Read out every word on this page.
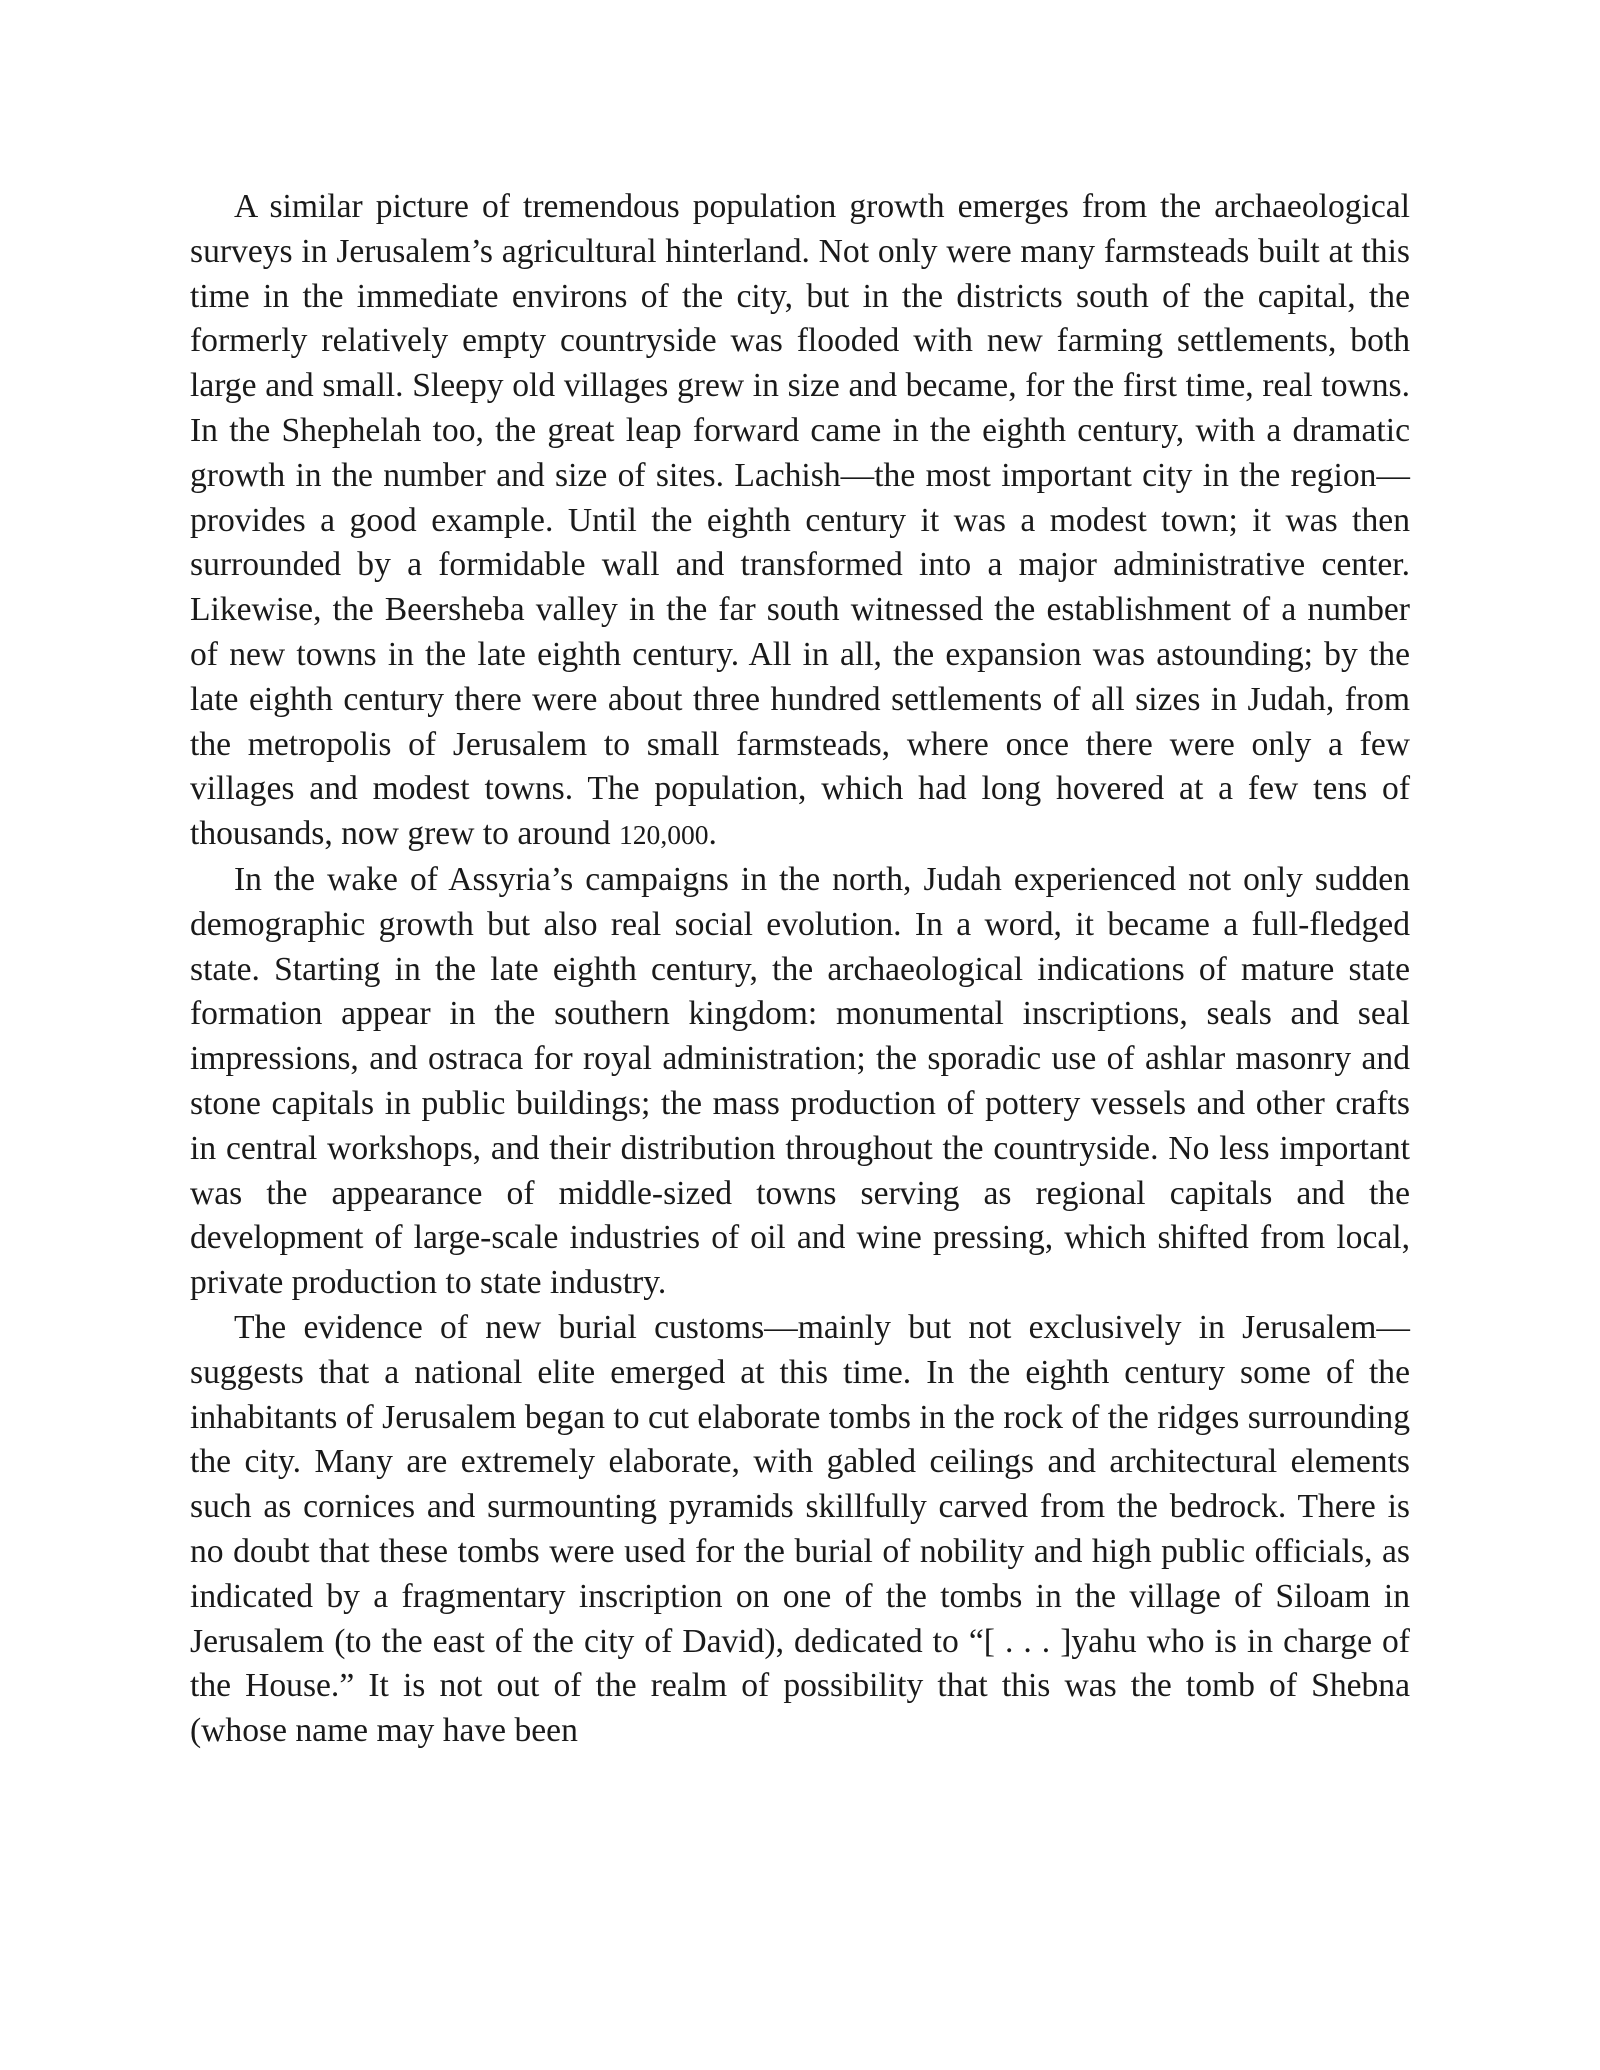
A similar picture of tremendous population growth emerges from the archaeological surveys in Jerusalem’s agricultural hinterland. Not only were many farmsteads built at this time in the immediate environs of the city, but in the districts south of the capital, the formerly relatively empty countryside was flooded with new farming settlements, both large and small. Sleepy old villages grew in size and became, for the first time, real towns. In the Shephelah too, the great leap forward came in the eighth century, with a dramatic growth in the number and size of sites. Lachish—the most important city in the region—provides a good example. Until the eighth century it was a modest town; it was then surrounded by a formidable wall and transformed into a major administrative center. Likewise, the Beersheba valley in the far south witnessed the establishment of a number of new towns in the late eighth century. All in all, the expansion was astounding; by the late eighth century there were about three hundred settlements of all sizes in Judah, from the metropolis of Jerusalem to small farmsteads, where once there were only a few villages and modest towns. The population, which had long hovered at a few tens of thousands, now grew to around 120,000.

In the wake of Assyria’s campaigns in the north, Judah experienced not only sudden demographic growth but also real social evolution. In a word, it became a full-fledged state. Starting in the late eighth century, the archaeological indications of mature state formation appear in the southern kingdom: monumental inscriptions, seals and seal impressions, and ostraca for royal administration; the sporadic use of ashlar masonry and stone capitals in public buildings; the mass production of pottery vessels and other crafts in central workshops, and their distribution throughout the countryside. No less important was the appearance of middle-sized towns serving as regional capitals and the development of large-scale industries of oil and wine pressing, which shifted from local, private production to state industry.

The evidence of new burial customs—mainly but not exclusively in Jerusalem—suggests that a national elite emerged at this time. In the eighth century some of the inhabitants of Jerusalem began to cut elaborate tombs in the rock of the ridges surrounding the city. Many are extremely elaborate, with gabled ceilings and architectural elements such as cornices and surmounting pyramids skillfully carved from the bedrock. There is no doubt that these tombs were used for the burial of nobility and high public officials, as indicated by a fragmentary inscription on one of the tombs in the village of Siloam in Jerusalem (to the east of the city of David), dedicated to “[ . . . ]yahu who is in charge of the House.” It is not out of the realm of possibility that this was the tomb of Shebna (whose name may have been
